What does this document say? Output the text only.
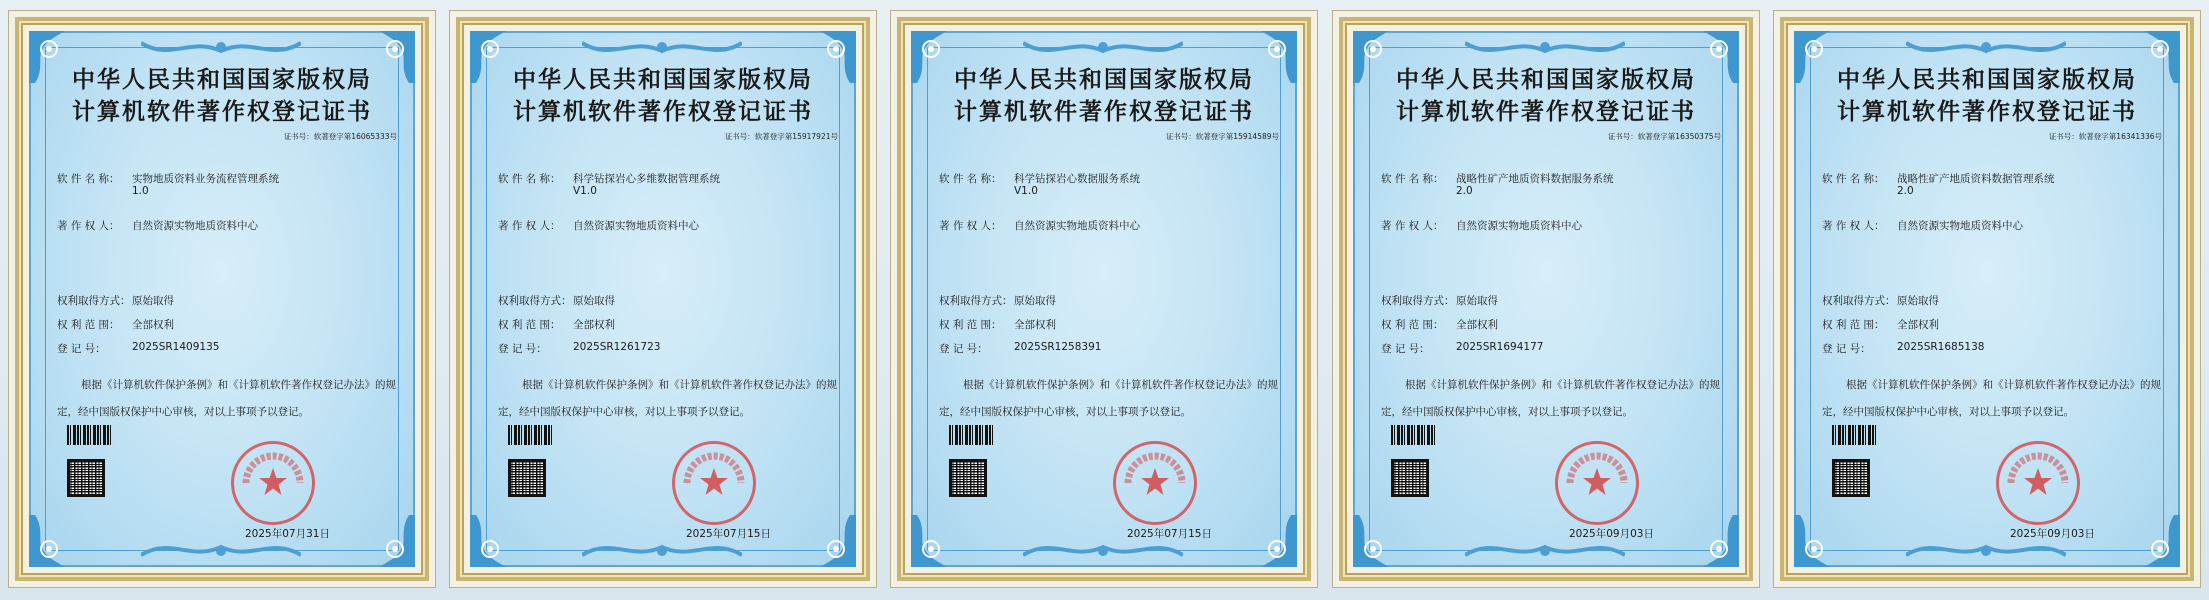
中华人民共和国国家版权局
计算机软件著作权登记证书
证书号：软著登字第16065333号
软 件 名 称：	实物地质资料业务流程管理系统
1.0
著 作 权 人：	自然资源实物地质资料中心
权利取得方式： 原始取得
权 利 范 围：	全部权利
登 记 号：	2025SR1409135
根据《计算机软件保护条例》和《计算机软件著作权登记办法》的规定，经中国版权保护中心审核，对以上事项予以登记。
2025年07月31日
中华人民共和国国家版权局
计算机软件著作权登记证书
证书号：软著登字第15917921号
软 件 名 称：	科学钻探岩心多维数据管理系统
V1.0
著 作 权 人：	自然资源实物地质资料中心
权利取得方式： 原始取得
权 利 范 围：	全部权利
登 记 号：	2025SR1261723
根据《计算机软件保护条例》和《计算机软件著作权登记办法》的规定，经中国版权保护中心审核，对以上事项予以登记。
2025年07月15日
中华人民共和国国家版权局
计算机软件著作权登记证书
证书号：软著登字第15914589号
软 件 名 称：	科学钻探岩心数据服务系统
V1.0
著 作 权 人：	自然资源实物地质资料中心
权利取得方式： 原始取得
权 利 范 围：	全部权利
登 记 号：	2025SR1258391
根据《计算机软件保护条例》和《计算机软件著作权登记办法》的规定，经中国版权保护中心审核，对以上事项予以登记。
2025年07月15日
中华人民共和国国家版权局
计算机软件著作权登记证书
证书号：软著登字第16350375号
软 件 名 称：	战略性矿产地质资料数据服务系统
2.0
著 作 权 人：	自然资源实物地质资料中心
权利取得方式： 原始取得
权 利 范 围：	全部权利
登 记 号：	2025SR1694177
根据《计算机软件保护条例》和《计算机软件著作权登记办法》的规定，经中国版权保护中心审核，对以上事项予以登记。
2025年09月03日
中华人民共和国国家版权局
计算机软件著作权登记证书
证书号：软著登字第16341336号
软 件 名 称：	战略性矿产地质资料数据管理系统
2.0
著 作 权 人：	自然资源实物地质资料中心
权利取得方式： 原始取得
权 利 范 围：	全部权利
登 记 号：	2025SR1685138
根据《计算机软件保护条例》和《计算机软件著作权登记办法》的规定，经中国版权保护中心审核，对以上事项予以登记。
2025年09月03日
